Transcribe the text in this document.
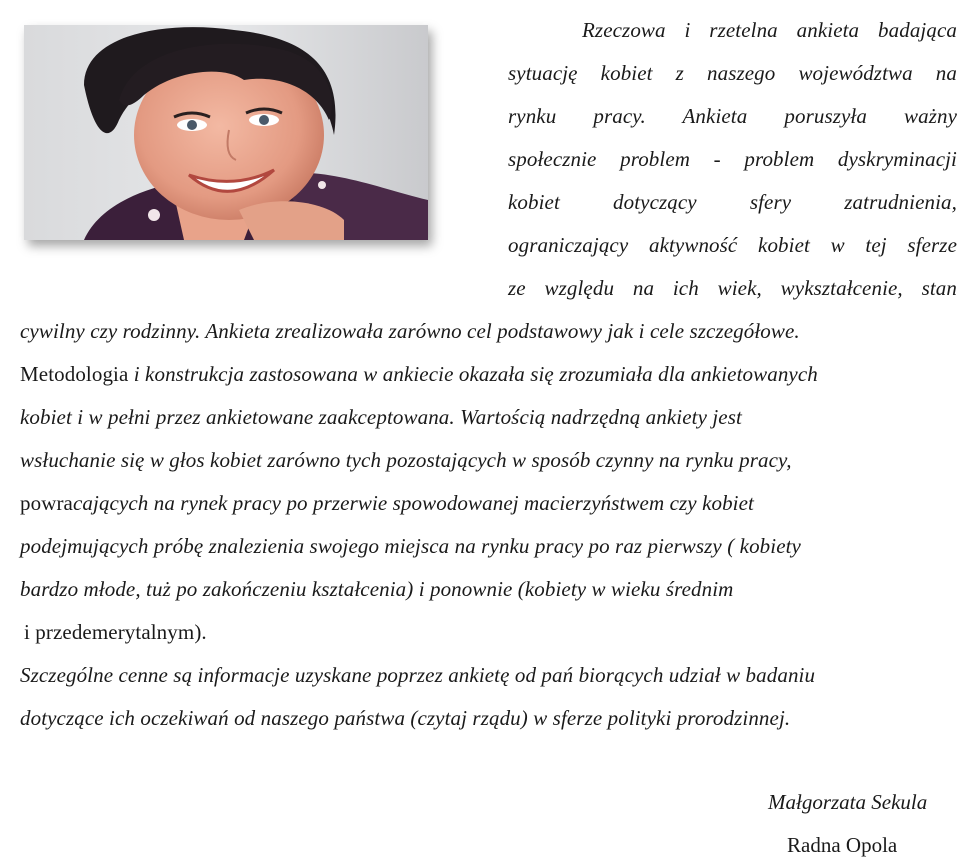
Rzeczowa i rzetelna ankieta badająca
sytuację kobiet z naszego województwa na
rynku pracy. Ankieta poruszyła ważny
społecznie problem - problem dyskryminacji
kobiet dotyczący sfery zatrudnienia,
ograniczający aktywność kobiet w tej sferze
ze względu na ich wiek, wykształcenie, stan
cywilny czy rodzinny. Ankieta zrealizowała zarówno cel podstawowy jak i cele szczegółowe.
Metodologia i konstrukcja zastosowana w ankiecie okazała się zrozumiała dla ankietowanych
kobiet i w pełni przez ankietowane zaakceptowana. Wartością nadrzędną ankiety jest
wsłuchanie się w głos kobiet zarówno tych pozostających w sposób czynny na rynku pracy,
powracających na rynek pracy po przerwie spowodowanej macierzyństwem czy kobiet
podejmujących próbę znalezienia swojego miejsca na rynku pracy po raz pierwszy ( kobiety
bardzo młode, tuż po zakończeniu kształcenia) i ponownie (kobiety w wieku średnim
i przedemerytalnym).
Szczególne cenne są informacje uzyskane poprzez ankietę od pań biorących udział w badaniu
dotyczące ich oczekiwań od naszego państwa (czytaj rządu) w sferze polityki prorodzinnej.
Małgorzata Sekula
Radna Opola
